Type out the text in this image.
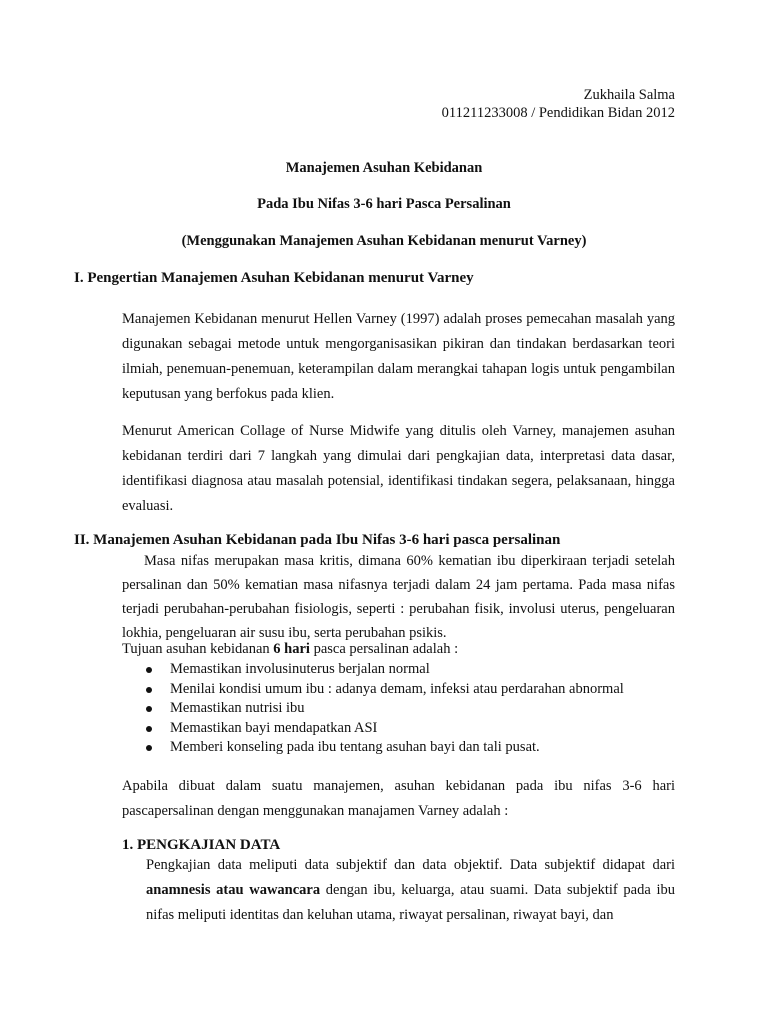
Zukhaila Salma
011211233008 / Pendidikan Bidan 2012
Manajemen Asuhan Kebidanan
Pada Ibu Nifas 3-6 hari Pasca Persalinan
(Menggunakan Manajemen Asuhan Kebidanan menurut Varney)
I. Pengertian Manajemen Asuhan Kebidanan menurut Varney
Manajemen Kebidanan menurut Hellen Varney (1997) adalah proses pemecahan masalah yang digunakan sebagai metode untuk mengorganisasikan pikiran dan tindakan berdasarkan teori ilmiah, penemuan-penemuan, keterampilan dalam merangkai tahapan logis untuk pengambilan keputusan yang berfokus pada klien.
Menurut American Collage of Nurse Midwife yang ditulis oleh Varney, manajemen asuhan kebidanan terdiri dari 7 langkah yang dimulai dari pengkajian data, interpretasi data dasar, identifikasi diagnosa atau masalah potensial, identifikasi tindakan segera, pelaksanaan, hingga evaluasi.
II. Manajemen Asuhan Kebidanan pada Ibu Nifas 3-6 hari pasca persalinan
Masa nifas merupakan masa kritis, dimana 60% kematian ibu diperkiraan terjadi setelah persalinan dan 50% kematian masa nifasnya terjadi dalam 24 jam pertama. Pada masa nifas terjadi perubahan-perubahan fisiologis, seperti : perubahan fisik, involusi uterus, pengeluaran lokhia, pengeluaran air susu ibu, serta perubahan psikis.
Tujuan asuhan kebidanan 6 hari pasca persalinan adalah :
Memastikan involusinuterus berjalan normal
Menilai kondisi umum ibu : adanya demam, infeksi atau perdarahan abnormal
Memastikan nutrisi ibu
Memastikan bayi mendapatkan ASI
Memberi konseling pada ibu tentang asuhan bayi dan tali pusat.
Apabila dibuat dalam suatu manajemen, asuhan kebidanan pada ibu nifas 3-6 hari pascapersalinan dengan menggunakan manajamen Varney adalah :
1. PENGKAJIAN DATA
Pengkajian data meliputi data subjektif dan data objektif. Data subjektif didapat dari anamnesis atau wawancara dengan ibu, keluarga, atau suami. Data subjektif pada ibu nifas meliputi identitas dan keluhan utama, riwayat persalinan, riwayat bayi, dan
